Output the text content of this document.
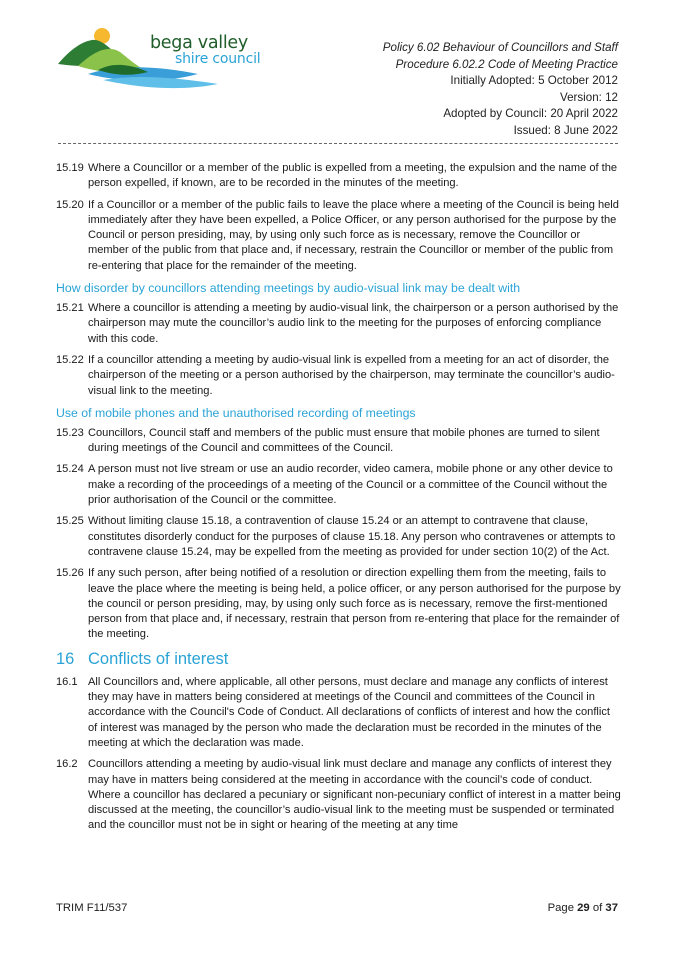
bega valley
shire council
Policy 6.02 Behaviour of Councillors and Staff
Procedure 6.02.2 Code of Meeting Practice
Initially Adopted: 5 October 2012
Version: 12
Adopted by Council: 20 April 2022
Issued: 8 June 2022
15.19 Where a Councillor or a member of the public is expelled from a meeting, the expulsion and the name of the person expelled, if known, are to be recorded in the minutes of the meeting.
15.20 If a Councillor or a member of the public fails to leave the place where a meeting of the Council is being held immediately after they have been expelled, a Police Officer, or any person authorised for the purpose by the Council or person presiding, may, by using only such force as is necessary, remove the Councillor or member of the public from that place and, if necessary, restrain the Councillor or member of the public from re-entering that place for the remainder of the meeting.
How disorder by councillors attending meetings by audio-visual link may be dealt with
15.21 Where a councillor is attending a meeting by audio-visual link, the chairperson or a person authorised by the chairperson may mute the councillor’s audio link to the meeting for the purposes of enforcing compliance with this code.
15.22 If a councillor attending a meeting by audio-visual link is expelled from a meeting for an act of disorder, the chairperson of the meeting or a person authorised by the chairperson, may terminate the councillor’s audio-visual link to the meeting.
Use of mobile phones and the unauthorised recording of meetings
15.23 Councillors, Council staff and members of the public must ensure that mobile phones are turned to silent during meetings of the Council and committees of the Council.
15.24 A person must not live stream or use an audio recorder, video camera, mobile phone or any other device to make a recording of the proceedings of a meeting of the Council or a committee of the Council without the prior authorisation of the Council or the committee.
15.25 Without limiting clause 15.18, a contravention of clause 15.24 or an attempt to contravene that clause, constitutes disorderly conduct for the purposes of clause 15.18. Any person who contravenes or attempts to contravene clause 15.24, may be expelled from the meeting as provided for under section 10(2) of the Act.
15.26 If any such person, after being notified of a resolution or direction expelling them from the meeting, fails to leave the place where the meeting is being held, a police officer, or any person authorised for the purpose by the council or person presiding, may, by using only such force as is necessary, remove the first-mentioned person from that place and, if necessary, restrain that person from re-entering that place for the remainder of the meeting.
16 Conflicts of interest
16.1 All Councillors and, where applicable, all other persons, must declare and manage any conflicts of interest they may have in matters being considered at meetings of the Council and committees of the Council in accordance with the Council's Code of Conduct. All declarations of conflicts of interest and how the conflict of interest was managed by the person who made the declaration must be recorded in the minutes of the meeting at which the declaration was made.
16.2 Councillors attending a meeting by audio-visual link must declare and manage any conflicts of interest they may have in matters being considered at the meeting in accordance with the council’s code of conduct. Where a councillor has declared a pecuniary or significant non-pecuniary conflict of interest in a matter being discussed at the meeting, the councillor’s audio-visual link to the meeting must be suspended or terminated and the councillor must not be in sight or hearing of the meeting at any time
TRIM F11/537	Page 29 of 37
